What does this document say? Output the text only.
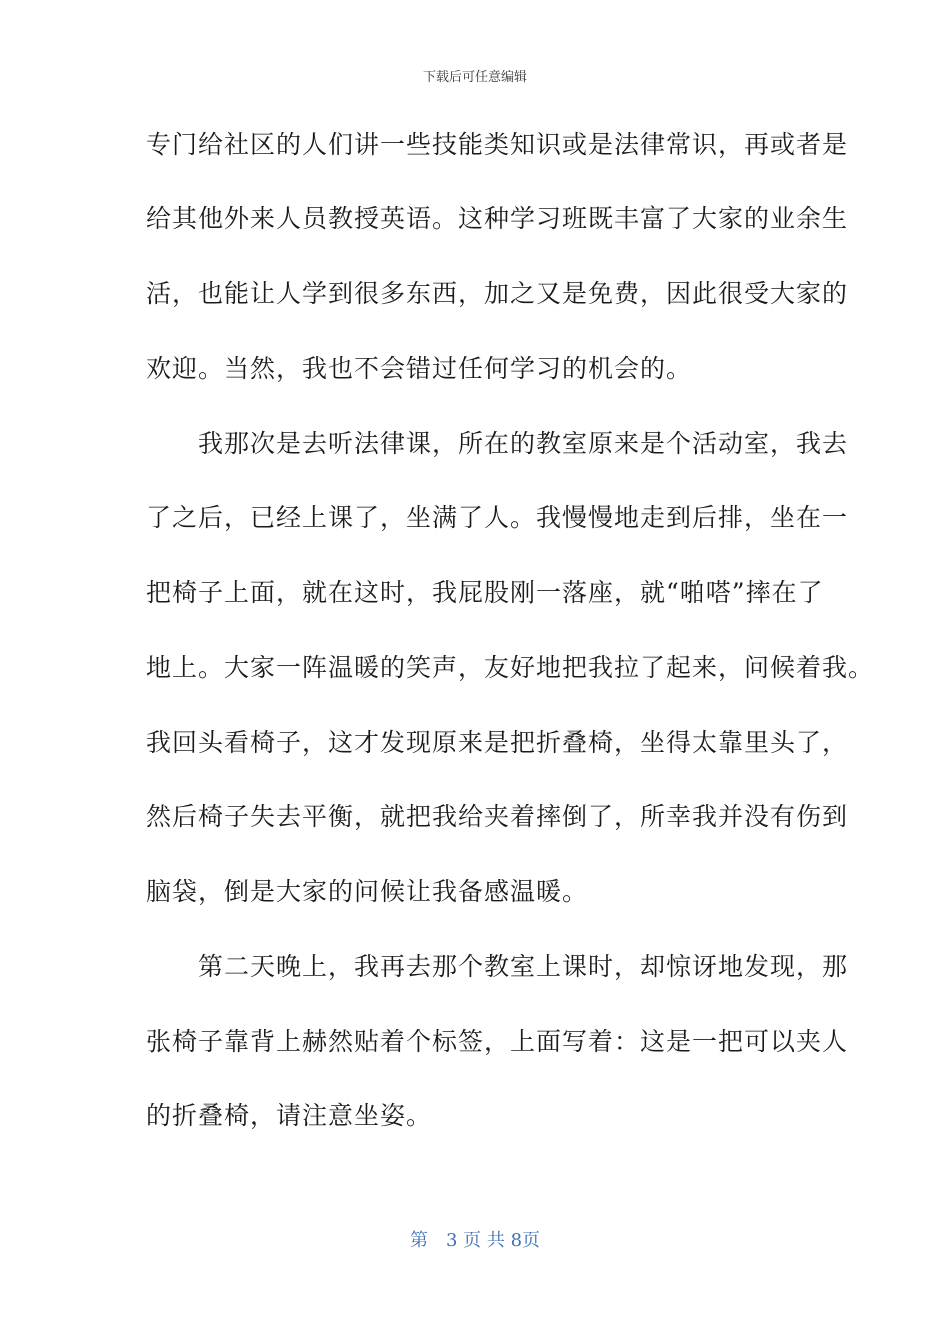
下载后可任意编辑
专门给社区的人们讲一些技能类知识或是法律常识，再或者是
给其他外来人员教授英语。这种学习班既丰富了大家的业余生
活，也能让人学到很多东西，加之又是免费，因此很受大家的
欢迎。当然，我也不会错过任何学习的机会的。
　　我那次是去听法律课，所在的教室原来是个活动室，我去
了之后，已经上课了，坐满了人。我慢慢地走到后排，坐在一
把椅子上面，就在这时，我屁股刚一落座，就“啪嗒”摔在了
地上。大家一阵温暖的笑声，友好地把我拉了起来，问候着我。
我回头看椅子，这才发现原来是把折叠椅，坐得太靠里头了，
然后椅子失去平衡，就把我给夹着摔倒了，所幸我并没有伤到
脑袋，倒是大家的问候让我备感温暖。
　　第二天晚上，我再去那个教室上课时，却惊讶地发现，那
张椅子靠背上赫然贴着个标签，上面写着：这是一把可以夹人
的折叠椅，请注意坐姿。
第　3 页 共 8页
